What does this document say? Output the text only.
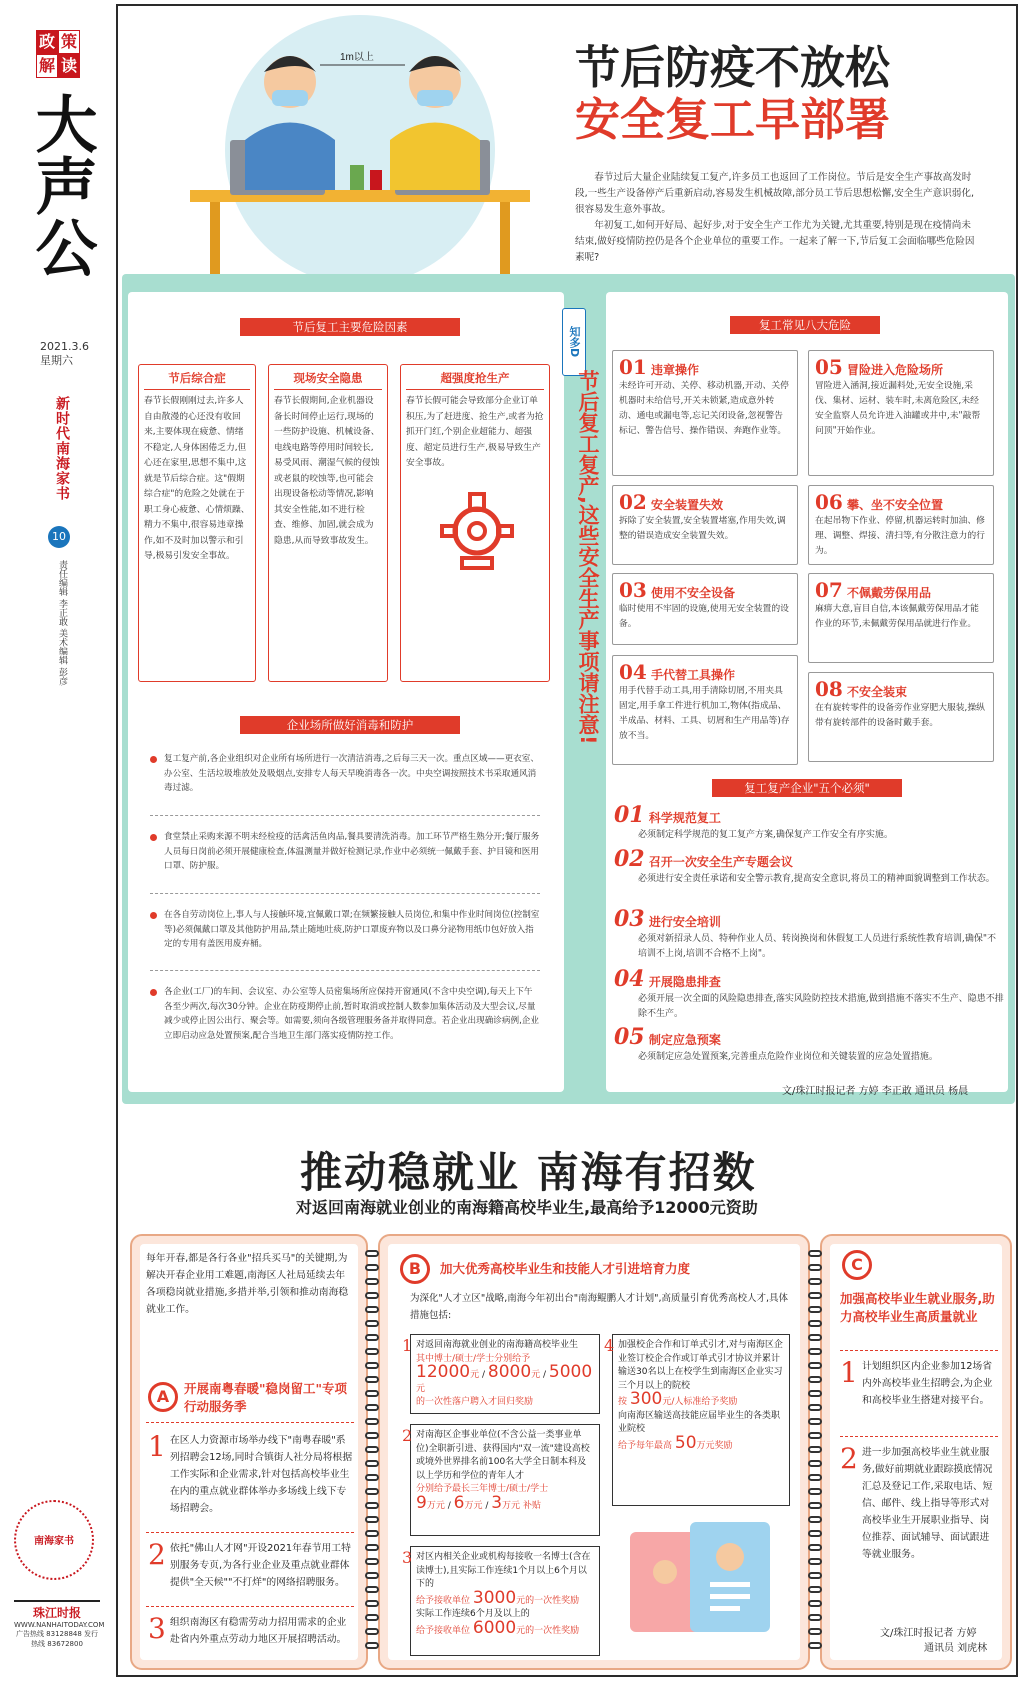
政 策
解 读
大声公
2021.3.6
星期六
新时代南海家书
10
责任编辑 李正敢 美术编辑 彭彦
南海家书
珠江时报
WWW.NANHAITODAY.COM
广告热线 83128848 发行热线 83672800
1m以上	节后防疫不放松
安全复工早部署

春节过后大量企业陆续复工复产,许多员工也返回了工作岗位。节后是安全生产事故高发时段,一些生产设备停产后重新启动,容易发生机械故障,部分员工节后思想松懈,安全生产意识弱化,很容易发生意外事故。

年初复工,如何开好局、起好步,对于安全生产工作尤为关键,尤其重要,特别是现在疫情尚未结束,做好疫情防控仍是各个企业单位的重要工作。一起来了解一下,节后复工会面临哪些危险因素呢?

节后复工主要危险因素
节后综合症

春节长假刚刚过去,许多人自由散漫的心还没有收回来,主要体现在疲惫、情绪不稳定,人身体困倦乏力,但心还在家里,思想不集中,这就是节后综合症。这"假期综合症"的危险之处就在于职工身心疲惫、心情烦躁、精力不集中,很容易违章操作,如不及时加以警示和引导,极易引发安全事故。

现场安全隐患

春节长假期间,企业机器设备长时间停止运行,现场的一些防护设施、机械设备、电线电路等停用时间较长,易受风雨、潮湿气候的侵蚀或老鼠的咬蚀等,也可能会出现设备松动等情况,影响其安全性能,如不进行检查、维修、加固,就会成为隐患,从而导致事故发生。

超强度抢生产

春节长假可能会导致部分企业订单积压,为了赶进度、抢生产,或者为抢抓开门红,个别企业超能力、超强度、超定员进行生产,极易导致生产安全事故。

企业场所做好消毒和防护
复工复产前,各企业组织对企业所有场所进行一次清洁消毒,之后每三天一次。重点区域——更衣室、办公室、生活垃圾堆放处及吸烟点,安排专人每天早晚消毒各一次。中央空调按照技术书采取通风消毒过滤。
食堂禁止采购来源不明未经检疫的活禽活鱼肉品,餐具要清洗消毒。加工环节严格生熟分开;餐厅服务人员每日岗前必须开展健康检查,体温测量并做好检测记录,作业中必须统一佩戴手套、护目镜和医用口罩、防护服。
在各自劳动岗位上,事人与人接触环境,宜佩戴口罩;在频繁接触人员岗位,和集中作业时间岗位(控制室等)必须佩戴口罩及其他防护用品,禁止随地吐痰,防护口罩废弃物以及口鼻分泌物用纸巾包好放入指定的专用有盖医用废弃桶。
各企业(工厂)的车间、会议室、办公室等人员密集场所应保持开窗通风(不含中央空调),每天上下午各至少两次,每次30分钟。企业在防疫期停止前,暂时取消或控制人数参加集体活动及大型会议,尽量减少或停止因公出行、聚会等。如需要,须向各级管理服务备并取得同意。若企业出现确诊病例,企业立即启动应急处置预案,配合当地卫生部门落实疫情防控工作。
知多D
节后复工复产,这些安全生产事项请注意!
复工常见八大危险
01 违章操作

未经许可开动、关停、移动机器,开动、关停机器时未给信号,开关未锁紧,造成意外转动、通电或漏电等,忘记关闭设备,忽视警告标记、警告信号、操作错误、奔跑作业等。

05 冒险进入危险场所

冒险进入涵洞,接近漏料处,无安全设施,采伐、集材、运材、装车时,未离危险区,未经安全监察人员允许进入油罐或井中,未"敲帮问顶"开始作业。

02 安全装置失效

拆除了安全装置,安全装置堵塞,作用失效,调整的错误造成安全装置失效。

06 攀、坐不安全位置

在起吊物下作业、停留,机器运转时加油、修理、调整、焊接、清扫等,有分散注意力的行为。

03 使用不安全设备

临时使用不牢固的设施,使用无安全装置的设备。

07 不佩戴劳保用品

麻痹大意,盲目自信,本该佩戴劳保用品才能作业的环节,未佩戴劳保用品就进行作业。

04 手代替工具操作

用手代替手动工具,用手清除切屑,不用夹具固定,用手拿工件进行机加工,物体(指成品、半成品、材料、工具、切屑和生产用品等)存放不当。

08 不安全装束

在有旋转零件的设备旁作业穿肥大服装,操纵带有旋转部件的设备时戴手套。

复工复产企业"五个必须"
01 科学规范复工

必须制定科学规范的复工复产方案,确保复产工作安全有序实施。

02 召开一次安全生产专题会议

必须进行安全责任承诺和安全警示教育,提高安全意识,将员工的精神面貌调整到工作状态。

03 进行安全培训

必须对新招录人员、特种作业人员、转岗换岗和休假复工人员进行系统性教育培训,确保"不培训不上岗,培训不合格不上岗"。

04 开展隐患排查

必须开展一次全面的风险隐患排查,落实风险防控技术措施,做到措施不落实不生产、隐患不排除不生产。

05 制定应急预案

必须制定应急处置预案,完善重点危险作业岗位和关键装置的应急处置措施。

文/珠江时报记者 方婷 李正敢 通讯员 杨晨
推动稳就业 南海有招数
对返回南海就业创业的南海籍高校毕业生,最高给予12000元资助
每年开春,都是各行各业"招兵买马"的关键期,为解决开春企业用工难题,南海区人社局延续去年各项稳岗就业措施,多措并举,引领和推动南海稳就业工作。
A	开展南粤春暖"稳岗留工"专项行动服务季
1 在区人力资源市场举办线下"南粤春暖"系列招聘会12场,同时合镇街人社分局将根据工作实际和企业需求,针对包括高校毕业生在内的重点就业群体举办多场线上线下专场招聘会。
2 依托"佛山人才网"开设2021年春节用工特别服务专页,为各行业企业及重点就业群体提供"全天候""不打烊"的网络招聘服务。
3 组织南海区有稳需劳动力招用需求的企业赴省内外重点劳动力地区开展招聘活动。
B	加大优秀高校毕业生和技能人才引进培育力度
为深化"人才立区"战略,南海今年初出台"南海鲲鹏人才计划",高质量引育优秀高校人才,具体措施包括:
对返回南海就业创业的南海籍高校毕业生
其中博士/硕士/学士分别给予
12000元 / 8000元 / 5000元
的一次性落户聘入才回归奖励
对南海区企事业单位(不含公益一类事业单位)全职新引进、获得国内"双一流"建设高校或境外世界排名前100名大学全日制本科及以上学历和学位的青年人才
分别给予最长三年博士/硕士/学士
9万元 / 6万元 / 3万元 补贴
对区内相关企业或机构每接收一名博士(含在读博士),且实际工作连续1个月以上6个月以下的
给予接收单位 3000元的一次性奖励
实际工作连续6个月及以上的
给予接收单位 6000元的一次性奖励
加强校企合作和订单式引才,对与南海区企业签订校企合作或订单式引才协议并累计输送30名以上在校学生到南海区企业实习三个月以上的院校
按 300元/人标准给予奖励
向南海区输送高技能应届毕业生的各类职业院校
给予每年最高 50万元奖励
1
2
3
4
C
加强高校毕业生就业服务,助力高校毕业生高质量就业
1 计划组织区内企业参加12场省内外高校毕业生招聘会,为企业和高校毕业生搭建对接平台。
2 进一步加强高校毕业生就业服务,做好前期就业跟踪摸底情况汇总及登记工作,采取电话、短信、邮件、线上指导等形式对高校毕业生开展职业指导、岗位推荐、面试辅导、面试跟进等就业服务。
文/珠江时报记者 方婷
通讯员 刘虎林
